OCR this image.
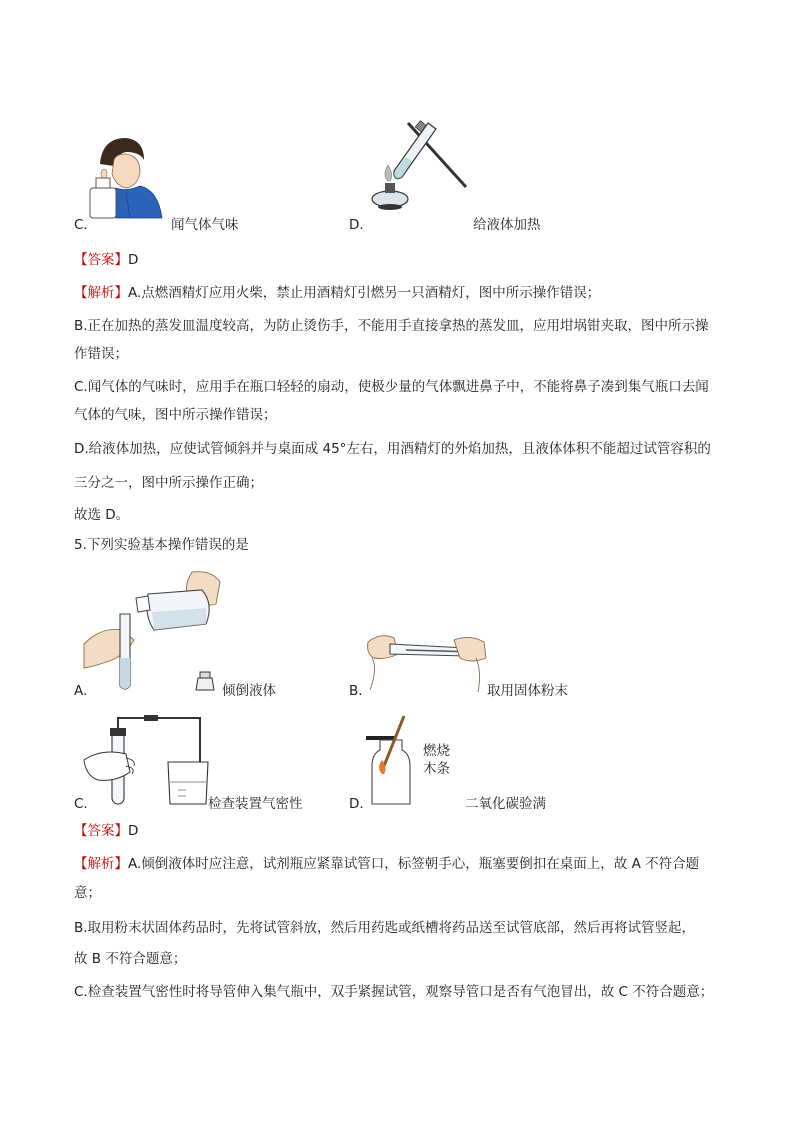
C.	闻气体气味	D.	给液体加热
【答案】D
【解析】A.点燃酒精灯应用火柴，禁止用酒精灯引燃另一只酒精灯，图中所示操作错误；
B.正在加热的蒸发皿温度较高，为防止烫伤手，不能用手直接拿热的蒸发皿，应用坩埚钳夹取，图中所示操
作错误；
C.闻气体的气味时，应用手在瓶口轻轻的扇动，使极少量的气体飘进鼻子中，不能将鼻子凑到集气瓶口去闻
气体的气味，图中所示操作错误；
D.给液体加热，应使试管倾斜并与桌面成 45°左右，用酒精灯的外焰加热，且液体体积不能超过试管容积的
三分之一，图中所示操作正确；
故选 D。
5.下列实验基本操作错误的是
A.	倾倒液体	B.	取用固体粉末
C.	检查装置气密性
燃烧
木条
D.	二氧化碳验满
【答案】D
【解析】A.倾倒液体时应注意，试剂瓶应紧靠试管口，标签朝手心，瓶塞要倒扣在桌面上，故 A 不符合题
意；
B.取用粉末状固体药品时，先将试管斜放，然后用药匙或纸槽将药品送至试管底部，然后再将试管竖起，
故 B 不符合题意；
C.检查装置气密性时将导管伸入集气瓶中，双手紧握试管，观察导管口是否有气泡冒出，故 C 不符合题意；
